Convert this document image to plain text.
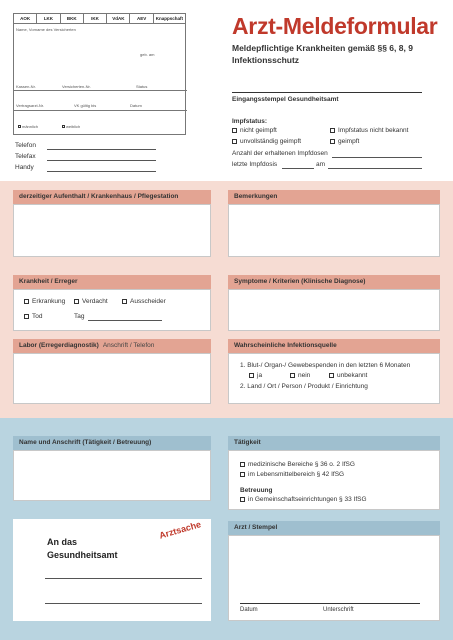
AOK	LKK	BKK	IKK	VdAK	AEV	Knappschaft
Name, Vorname des Versicherten
geb. am
Kassen-Nr.	Versicherten-Nr.	Status
Vertragsarzt-Nr.	VK gültig bis	Datum
männlich	weiblich
Telefon
Telefax
Handy
Arzt-Meldeformular
Meldepflichtige Krankheiten gemäß §§ 6, 8, 9
Infektionsschutz
Eingangsstempel Gesundheitsamt
Impfstatus:
nicht geimpft	Impfstatus nicht bekannt
unvollständig geimpft	geimpft
Anzahl der erhaltenen Impfdosen
letzte Impfdosis	am
derzeitiger Aufenthalt / Krankenhaus / Pflegestation	Bemerkungen
Krankheit / Erreger
Erkrankung	Verdacht	Ausscheider
Tod	Tag
Symptome / Kriterien (Klinische Diagnose)
Labor (Erregerdiagnostik) Anschrift / Telefon	Wahrscheinliche Infektionsquelle
1. Blut-/ Organ-/ Gewebespenden in den letzten 6 Monaten
ja	nein	unbekannt
2. Land / Ort / Person / Produkt / Einrichtung
Name und Anschrift (Tätigkeit / Betreuung)	Tätigkeit
medizinische Bereiche § 36 o. 2 IfSG
im Lebensmittelbereich § 42 IfSG
Betreuung
in Gemeinschaftseinrichtungen § 33 IfSG
An das
Gesundheitsamt
Arztsache	Arzt / Stempel
Datum	Unterschrift
